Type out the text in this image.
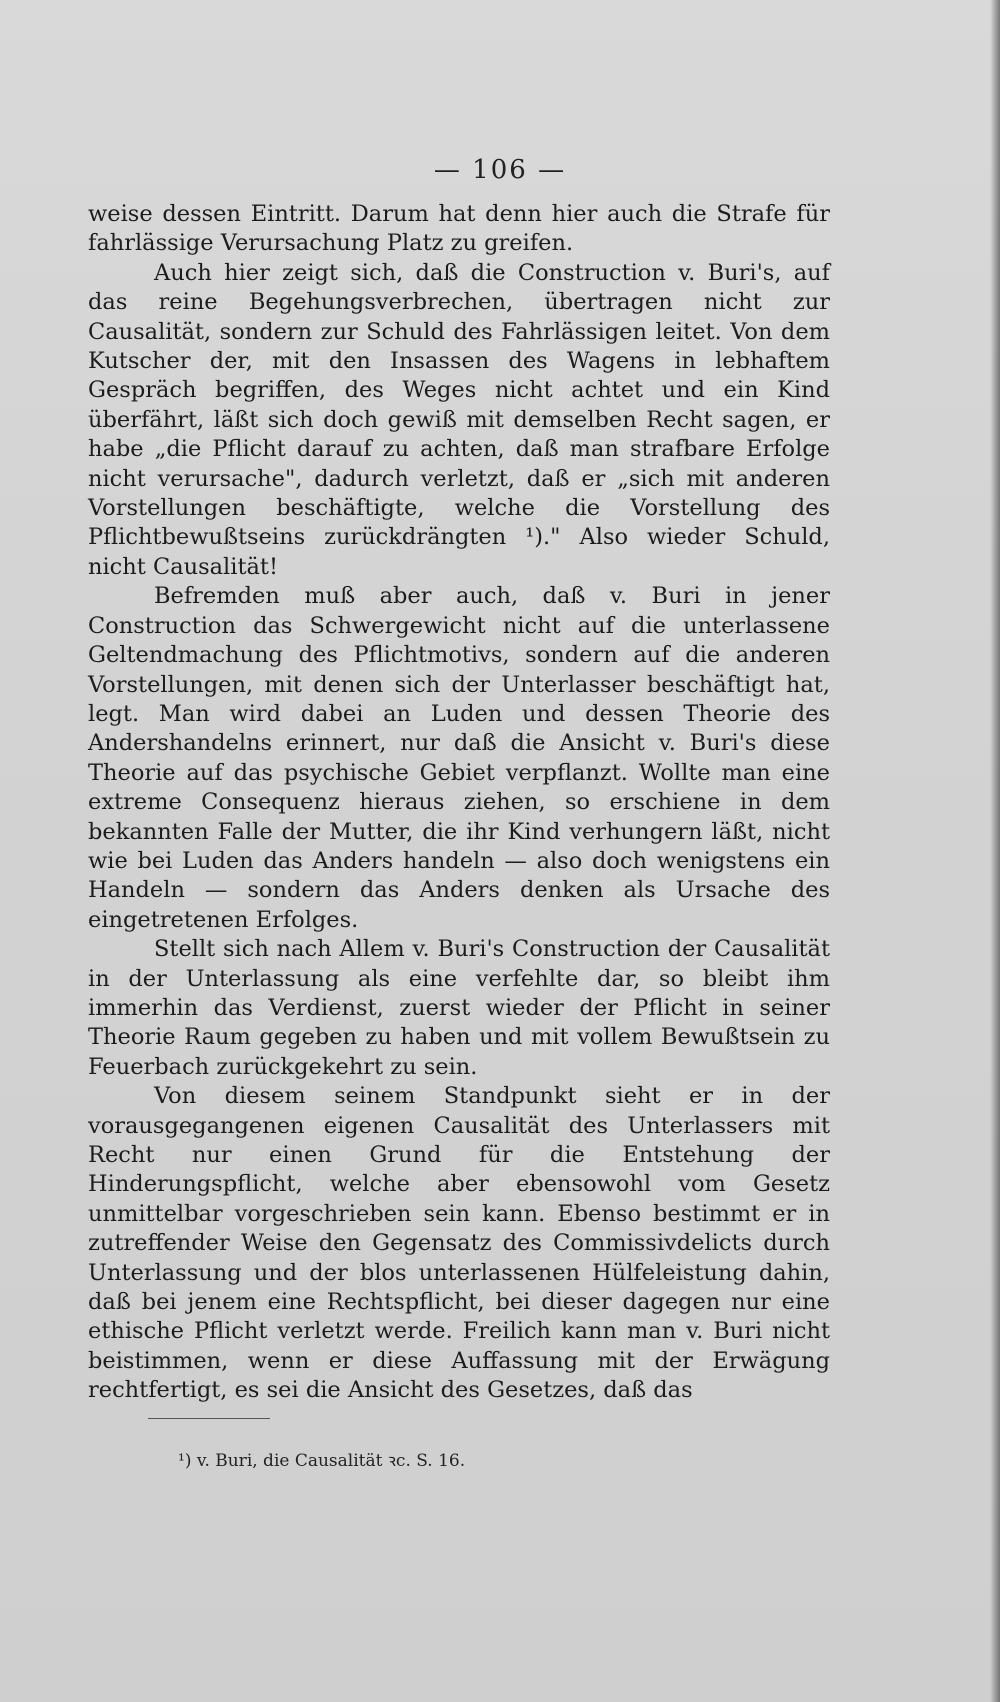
— 106 —

weise dessen Eintritt. Darum hat denn hier auch die Strafe für fahrlässige Verursachung Platz zu greifen.

Auch hier zeigt sich, daß die Construction v. Buri's, auf das reine Begehungsverbrechen, übertragen nicht zur Causalität, sondern zur Schuld des Fahrlässigen leitet. Von dem Kutscher der, mit den Insassen des Wagens in lebhaftem Gespräch begriffen, des Weges nicht achtet und ein Kind überfährt, läßt sich doch gewiß mit demselben Recht sagen, er habe „die Pflicht darauf zu achten, daß man strafbare Erfolge nicht verursache", dadurch verletzt, daß er „sich mit anderen Vorstellungen beschäftigte, welche die Vorstellung des Pflichtbewußtseins zurückdrängten ¹)." Also wieder Schuld, nicht Causalität!

Befremden muß aber auch, daß v. Buri in jener Construction das Schwergewicht nicht auf die unterlassene Geltendmachung des Pflichtmotivs, sondern auf die anderen Vorstellungen, mit denen sich der Unterlasser beschäftigt hat, legt. Man wird dabei an Luden und dessen Theorie des Andershandelns erinnert, nur daß die Ansicht v. Buri's diese Theorie auf das psychische Gebiet verpflanzt. Wollte man eine extreme Consequenz hieraus ziehen, so erschiene in dem bekannten Falle der Mutter, die ihr Kind verhungern läßt, nicht wie bei Luden das Anders handeln — also doch wenigstens ein Handeln — sondern das Anders denken als Ursache des eingetretenen Erfolges.

Stellt sich nach Allem v. Buri's Construction der Causalität in der Unterlassung als eine verfehlte dar, so bleibt ihm immerhin das Verdienst, zuerst wieder der Pflicht in seiner Theorie Raum gegeben zu haben und mit vollem Bewußtsein zu Feuerbach zurückgekehrt zu sein.

Von diesem seinem Standpunkt sieht er in der vorausgegangenen eigenen Causalität des Unterlassers mit Recht nur einen Grund für die Entstehung der Hinderungspflicht, welche aber ebensowohl vom Gesetz unmittelbar vorgeschrieben sein kann. Ebenso bestimmt er in zutreffender Weise den Gegensatz des Commissivdelicts durch Unterlassung und der blos unterlassenen Hülfeleistung dahin, daß bei jenem eine Rechtspflicht, bei dieser dagegen nur eine ethische Pflicht verletzt werde. Freilich kann man v. Buri nicht beistimmen, wenn er diese Auffassung mit der Erwägung rechtfertigt, es sei die Ansicht des Gesetzes, daß das

¹) v. Buri, die Causalität ꝛc. S. 16.
